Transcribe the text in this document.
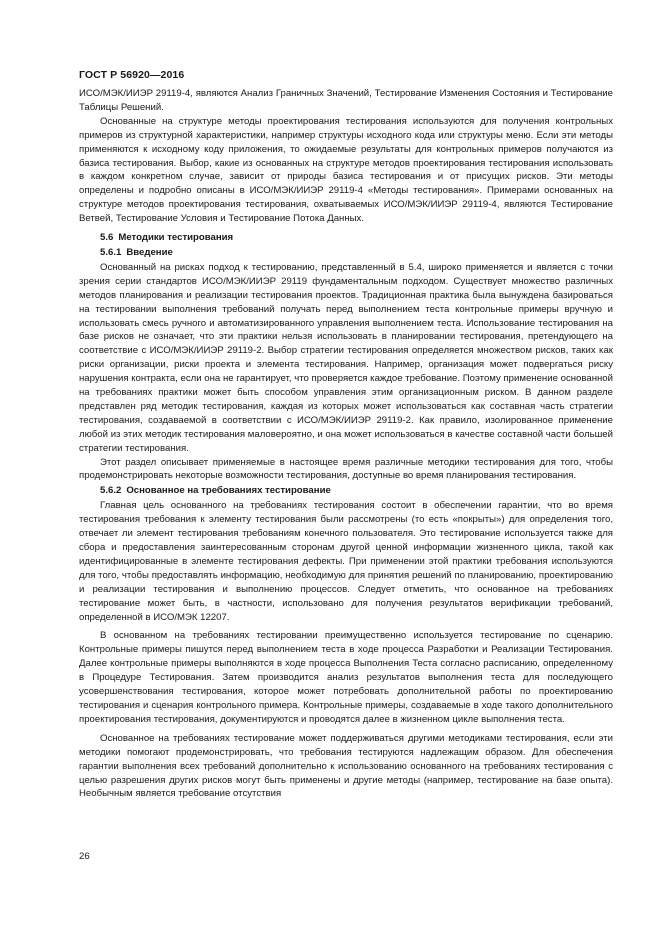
ГОСТ Р 56920—2016

ИСО/МЭК/ИИЭР 29119-4, являются Анализ Граничных Значений, Тестирование Изменения Состояния и Тестирование Таблицы Решений.

Основанные на структуре методы проектирования тестирования используются для получения контрольных примеров из структурной характеристики, например структуры исходного кода или структуры меню. Если эти методы применяются к исходному коду приложения, то ожидаемые результаты для контрольных примеров получаются из базиса тестирования. Выбор, какие из основанных на структуре методов проектирования тестирования использовать в каждом конкретном случае, зависит от природы базиса тестирования и от присущих рисков. Эти методы определены и подробно описаны в ИСО/МЭК/ИИЭР 29119-4 «Методы тестирования». Примерами основанных на структуре методов проектирования тестирования, охватываемых ИСО/МЭК/ИИЭР 29119-4, являются Тестирование Ветвей, Тестирование Условия и Тестирование Потока Данных.

5.6 Методики тестирования
5.6.1 Введение

Основанный на рисках подход к тестированию, представленный в 5.4, широко применяется и является с точки зрения серии стандартов ИСО/МЭК/ИИЭР 29119 фундаментальным подходом. Существует множество различных методов планирования и реализации тестирования проектов. Традиционная практика была вынуждена базироваться на тестировании выполнения требований получать перед выполнением теста контрольные примеры вручную и использовать смесь ручного и автоматизированного управления выполнением теста. Использование тестирования на базе рисков не означает, что эти практики нельзя использовать в планировании тестирования, претендующего на соответствие с ИСО/МЭК/ИИЭР 29119-2. Выбор стратегии тестирования определяется множеством рисков, таких как риски организации, риски проекта и элемента тестирования. Например, организация может подвергаться риску нарушения контракта, если она не гарантирует, что проверяется каждое требование. Поэтому применение основанной на требованиях практики может быть способом управления этим организационным риском. В данном разделе представлен ряд методик тестирования, каждая из которых может использоваться как составная часть стратегии тестирования, создаваемой в соответствии с ИСО/МЭК/ИИЭР 29119-2. Как правило, изолированное применение любой из этих методик тестирования маловероятно, и она может использоваться в качестве составной части большей стратегии тестирования.

Этот раздел описывает применяемые в настоящее время различные методики тестирования для того, чтобы продемонстрировать некоторые возможности тестирования, доступные во время планирования тестирования.

5.6.2 Основанное на требованиях тестирование

Главная цель основанного на требованиях тестирования состоит в обеспечении гарантии, что во время тестирования требования к элементу тестирования были рассмотрены (то есть «покрыты») для определения того, отвечает ли элемент тестирования требованиям конечного пользователя. Это тестирование используется также для сбора и предоставления заинтересованным сторонам другой ценной информации жизненного цикла, такой как идентифицированные в элементе тестирования дефекты. При применении этой практики требования используются для того, чтобы предоставлять информацию, необходимую для принятия решений по планированию, проектированию и реализации тестирования и выполнению процессов. Следует отметить, что основанное на требованиях тестирование может быть, в частности, использовано для получения результатов верификации требований, определенной в ИСО/МЭК 12207.

В основанном на требованиях тестировании преимущественно используется тестирование по сценарию. Контрольные примеры пишутся перед выполнением теста в ходе процесса Разработки и Реализации Тестирования. Далее контрольные примеры выполняются в ходе процесса Выполнения Теста согласно расписанию, определенному в Процедуре Тестирования. Затем производится анализ результатов выполнения теста для последующего усовершенствования тестирования, которое может потребовать дополнительной работы по проектированию тестирования и сценария контрольного примера. Контрольные примеры, создаваемые в ходе такого дополнительного проектирования тестирования, документируются и проводятся далее в жизненном цикле выполнения теста.

Основанное на требованиях тестирование может поддерживаться другими методиками тестирования, если эти методики помогают продемонстрировать, что требования тестируются надлежащим образом. Для обеспечения гарантии выполнения всех требований дополнительно к использованию основанного на требованиях тестирования с целью разрешения других рисков могут быть применены и другие методы (например, тестирование на базе опыта). Необычным является требование отсутствия

26
